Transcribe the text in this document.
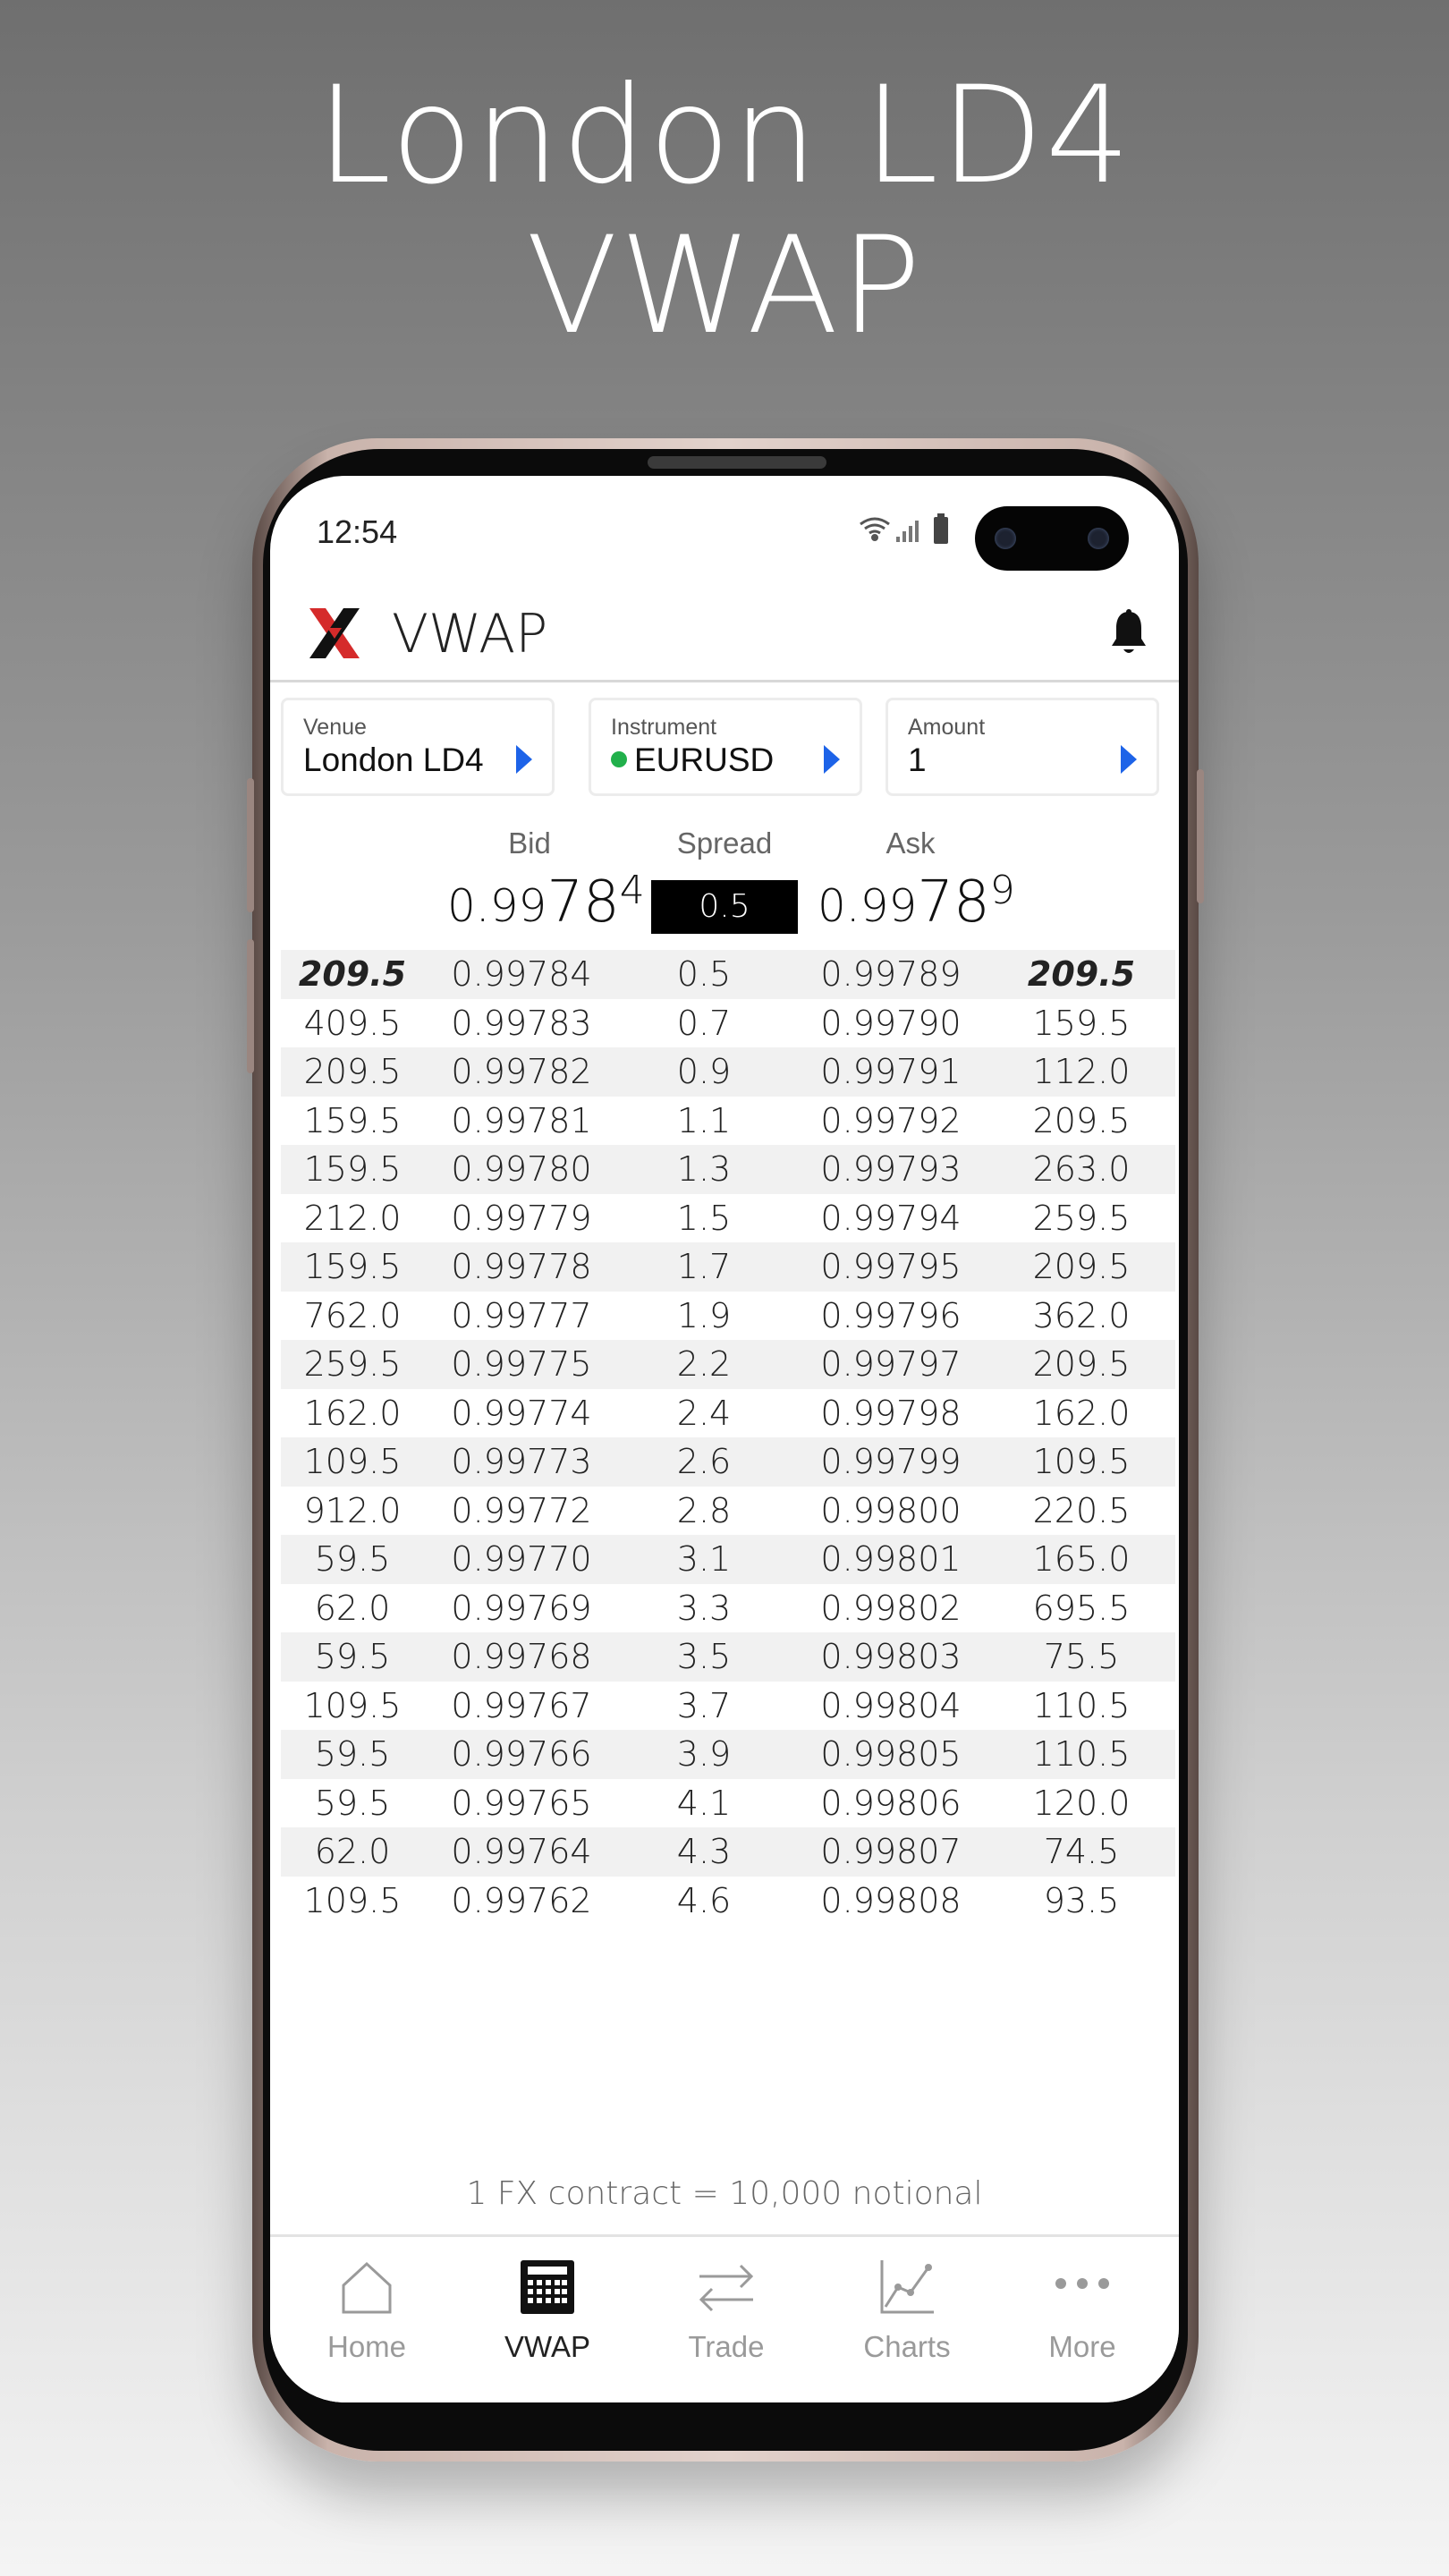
London LD4
VWAP
12:54
VWAP
Venue
London LD4
Instrument
EURUSD
Amount
1
Bid	Spread	Ask
0.9978$^4$	0.5	0.9978$^9$
209.5	0.99784	0.5	0.99789	209.5
409.5	0.99783	0.7	0.99790	159.5
209.5	0.99782	0.9	0.99791	112.0
159.5	0.99781	1.1	0.99792	209.5
159.5	0.99780	1.3	0.99793	263.0
212.0	0.99779	1.5	0.99794	259.5
159.5	0.99778	1.7	0.99795	209.5
762.0	0.99777	1.9	0.99796	362.0
259.5	0.99775	2.2	0.99797	209.5
162.0	0.99774	2.4	0.99798	162.0
109.5	0.99773	2.6	0.99799	109.5
912.0	0.99772	2.8	0.99800	220.5
59.5	0.99770	3.1	0.99801	165.0
62.0	0.99769	3.3	0.99802	695.5
59.5	0.99768	3.5	0.99803	75.5
109.5	0.99767	3.7	0.99804	110.5
59.5	0.99766	3.9	0.99805	110.5
59.5	0.99765	4.1	0.99806	120.0
62.0	0.99764	4.3	0.99807	74.5
109.5	0.99762	4.6	0.99808	93.5
1 FX contract = 10,000 notional
Home	VWAP	Trade	Charts	More
